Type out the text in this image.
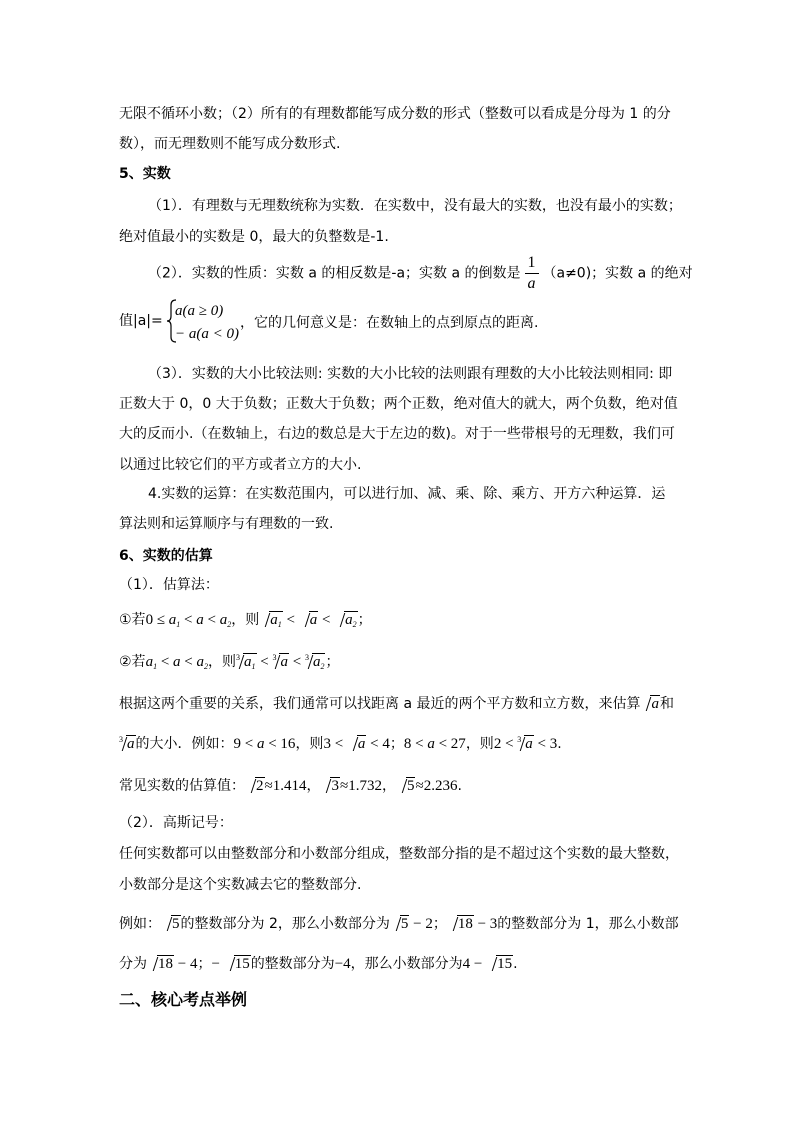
无限不循环小数；（2）所有的有理数都能写成分数的形式（整数可以看成是分母为 1 的分
数），而无理数则不能写成分数形式.
5、实数
（1）．有理数与无理数统称为实数．在实数中，没有最大的实数，也没有最小的实数；
绝对值最小的实数是 0，最大的负整数是-1.
（2）．实数的性质：实数 a 的相反数是-a；实数 a 的倒数是 $\frac{1}{a} (a\ne 0)$；实数 a 的绝对
值|a|=
a(a ≥ 0)
− a(a < 0)
，它的几何意义是：在数轴上的点到原点的距离.
（3）．实数的大小比较法则: 实数的大小比较的法则跟有理数的大小比较法则相同: 即
正数大于 0，0 大于负数；正数大于负数；两个正数，绝对值大的就大，两个负数，绝对值
大的反而小.（在数轴上，右边的数总是大于左边的数)。对于一些带根号的无理数，我们可
以通过比较它们的平方或者立方的大小.
4.实数的运算：在实数范围内，可以进行加、减、乘、除、乘方、开方六种运算．运
算法则和运算顺序与有理数的一致.
6、实数的估算
（1）．估算法：
①若$0 \le a_1 < a < a_2$，则 $a_1 < a < a_2$；
②若$a_1 < a < a_2$，则$^3$ $a_1 < ^3$ a < $^3$ $a_2$；
根据这两个重要的关系，我们通常可以找距离 a 最近的两个平方数和立方数，来估算 a和
$^3$ a的大小．例如：9 < a < 16，则3 < a < 4；8 < a < 27，则2 < $^3$ a < 3.
常见实数的估算值： 2≈1.414， 3≈1.732， 5≈2.236.
（2）．高斯记号：
任何实数都可以由整数部分和小数部分组成，整数部分指的是不超过这个实数的最大整数，
小数部分是这个实数减去它的整数部分.
例如： 5的整数部分为 2，那么小数部分为 5 − 2； 18 − 3的整数部分为 1，那么小数部
分为 18 − 4；− 15的整数部分为−4，那么小数部分为4 − 15.
二、核心考点举例
